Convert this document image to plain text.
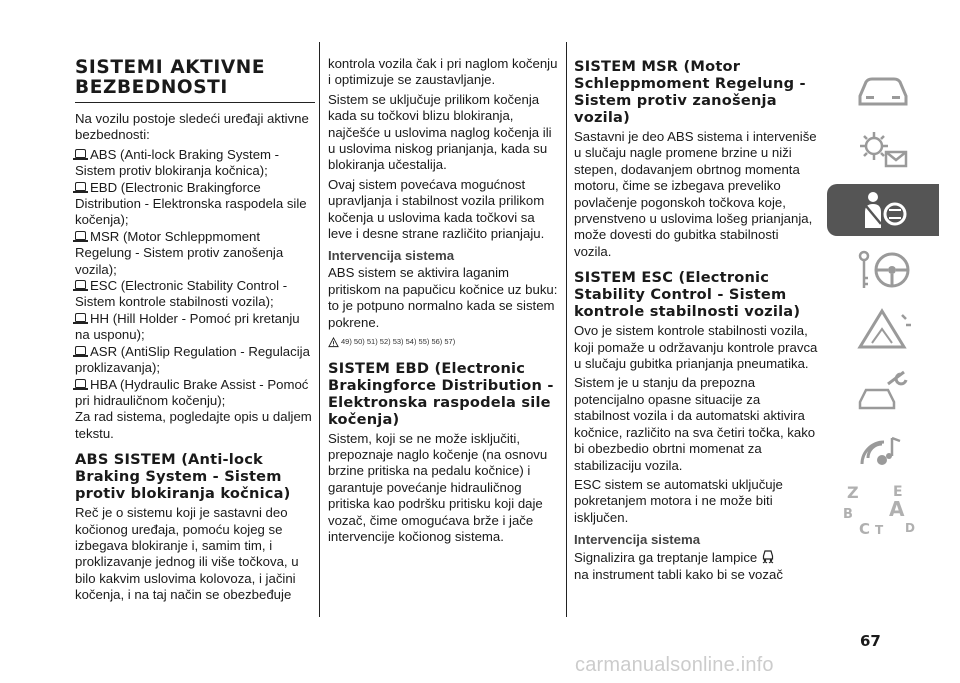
SISTEMI AKTIVNE BEZBEDNOSTI

Na vozilu postoje sledeći uređaji aktivne bezbednosti:

ABS (Anti-lock Braking System - Sistem protiv blokiranja kočnica);
EBD (Electronic Brakingforce Distribution - Elektronska raspodela sile kočenja);
MSR (Motor Schleppmoment Regelung - Sistem protiv zanošenja vozila);
ESC (Electronic Stability Control - Sistem kontrole stabilnosti vozila);
HH (Hill Holder - Pomoć pri kretanju na usponu);
ASR (AntiSlip Regulation - Regulacija proklizavanja);
HBA (Hydraulic Brake Assist - Pomoć pri hidrauličnom kočenju);

Za rad sistema, pogledajte opis u daljem tekstu.

ABS SISTEM (Anti-lock Braking System - Sistem protiv blokiranja kočnica)

Reč je o sistemu koji je sastavni deo kočionog uređaja, pomoću kojeg se izbegava blokiranje i, samim tim, i proklizavanje jednog ili više točkova, u bilo kakvim uslovima kolovoza, i jačini kočenja, i na taj način se obezbeđuje

kontrola vozila čak i pri naglom kočenju i optimizuje se zaustavljanje.

Sistem se uključuje prilikom kočenja kada su točkovi blizu blokiranja, najčešće u uslovima naglog kočenja ili u uslovima niskog prianjanja, kada su blokiranja učestalija.

Ovaj sistem povećava mogućnost upravljanja i stabilnost vozila prilikom kočenja u uslovima kada točkovi sa leve i desne strane različito prianjaju.

Intervencija sistema

ABS sistem se aktivira laganim pritiskom na papučicu kočnice uz buku: to je potpuno normalno kada se sistem pokrene.

49) 50) 51) 52) 53) 54) 55) 56) 57)
SISTEM EBD (Electronic Brakingforce Distribution - Elektronska raspodela sile kočenja)

Sistem, koji se ne može isključiti, prepoznaje naglo kočenje (na osnovu brzine pritiska na pedalu kočnice) i garantuje povećanje hidrauličnog pritiska kao podršku pritisku koji daje vozač, čime omogućava brže i jače intervencije kočionog sistema.

SISTEM MSR (Motor Schleppmoment Regelung - Sistem protiv zanošenja vozila)

Sastavni je deo ABS sistema i interveniše u slučaju nagle promene brzine u niži stepen, dodavanjem obrtnog momenta motoru, čime se izbegava preveliko povlačenje pogonskoh točkova koje, prvenstveno u uslovima lošeg prianjanja, može dovesti do gubitka stabilnosti vozila.

SISTEM ESC (Electronic Stability Control - Sistem kontrole stabilnosti vozila)

Ovo je sistem kontrole stabilnosti vozila, koji pomaže u održavanju kontrole pravca u slučaju gubitka prianjanja pneumatika.

Sistem je u stanju da prepozna potencijalno opasne situacije za stabilnost vozila i da automatski aktivira kočnice, različito na sva četiri točka, kako bi obezbedio obrtni momenat za stabilizaciju vozila.

ESC sistem se automatski uključuje pokretanjem motora i ne može biti isključen.

Intervencija sistema

Signalizira ga treptanje lampice
na instrument tabli kako bi se vozač

Z E
B A
C T D
67
carmanualsonline.info
